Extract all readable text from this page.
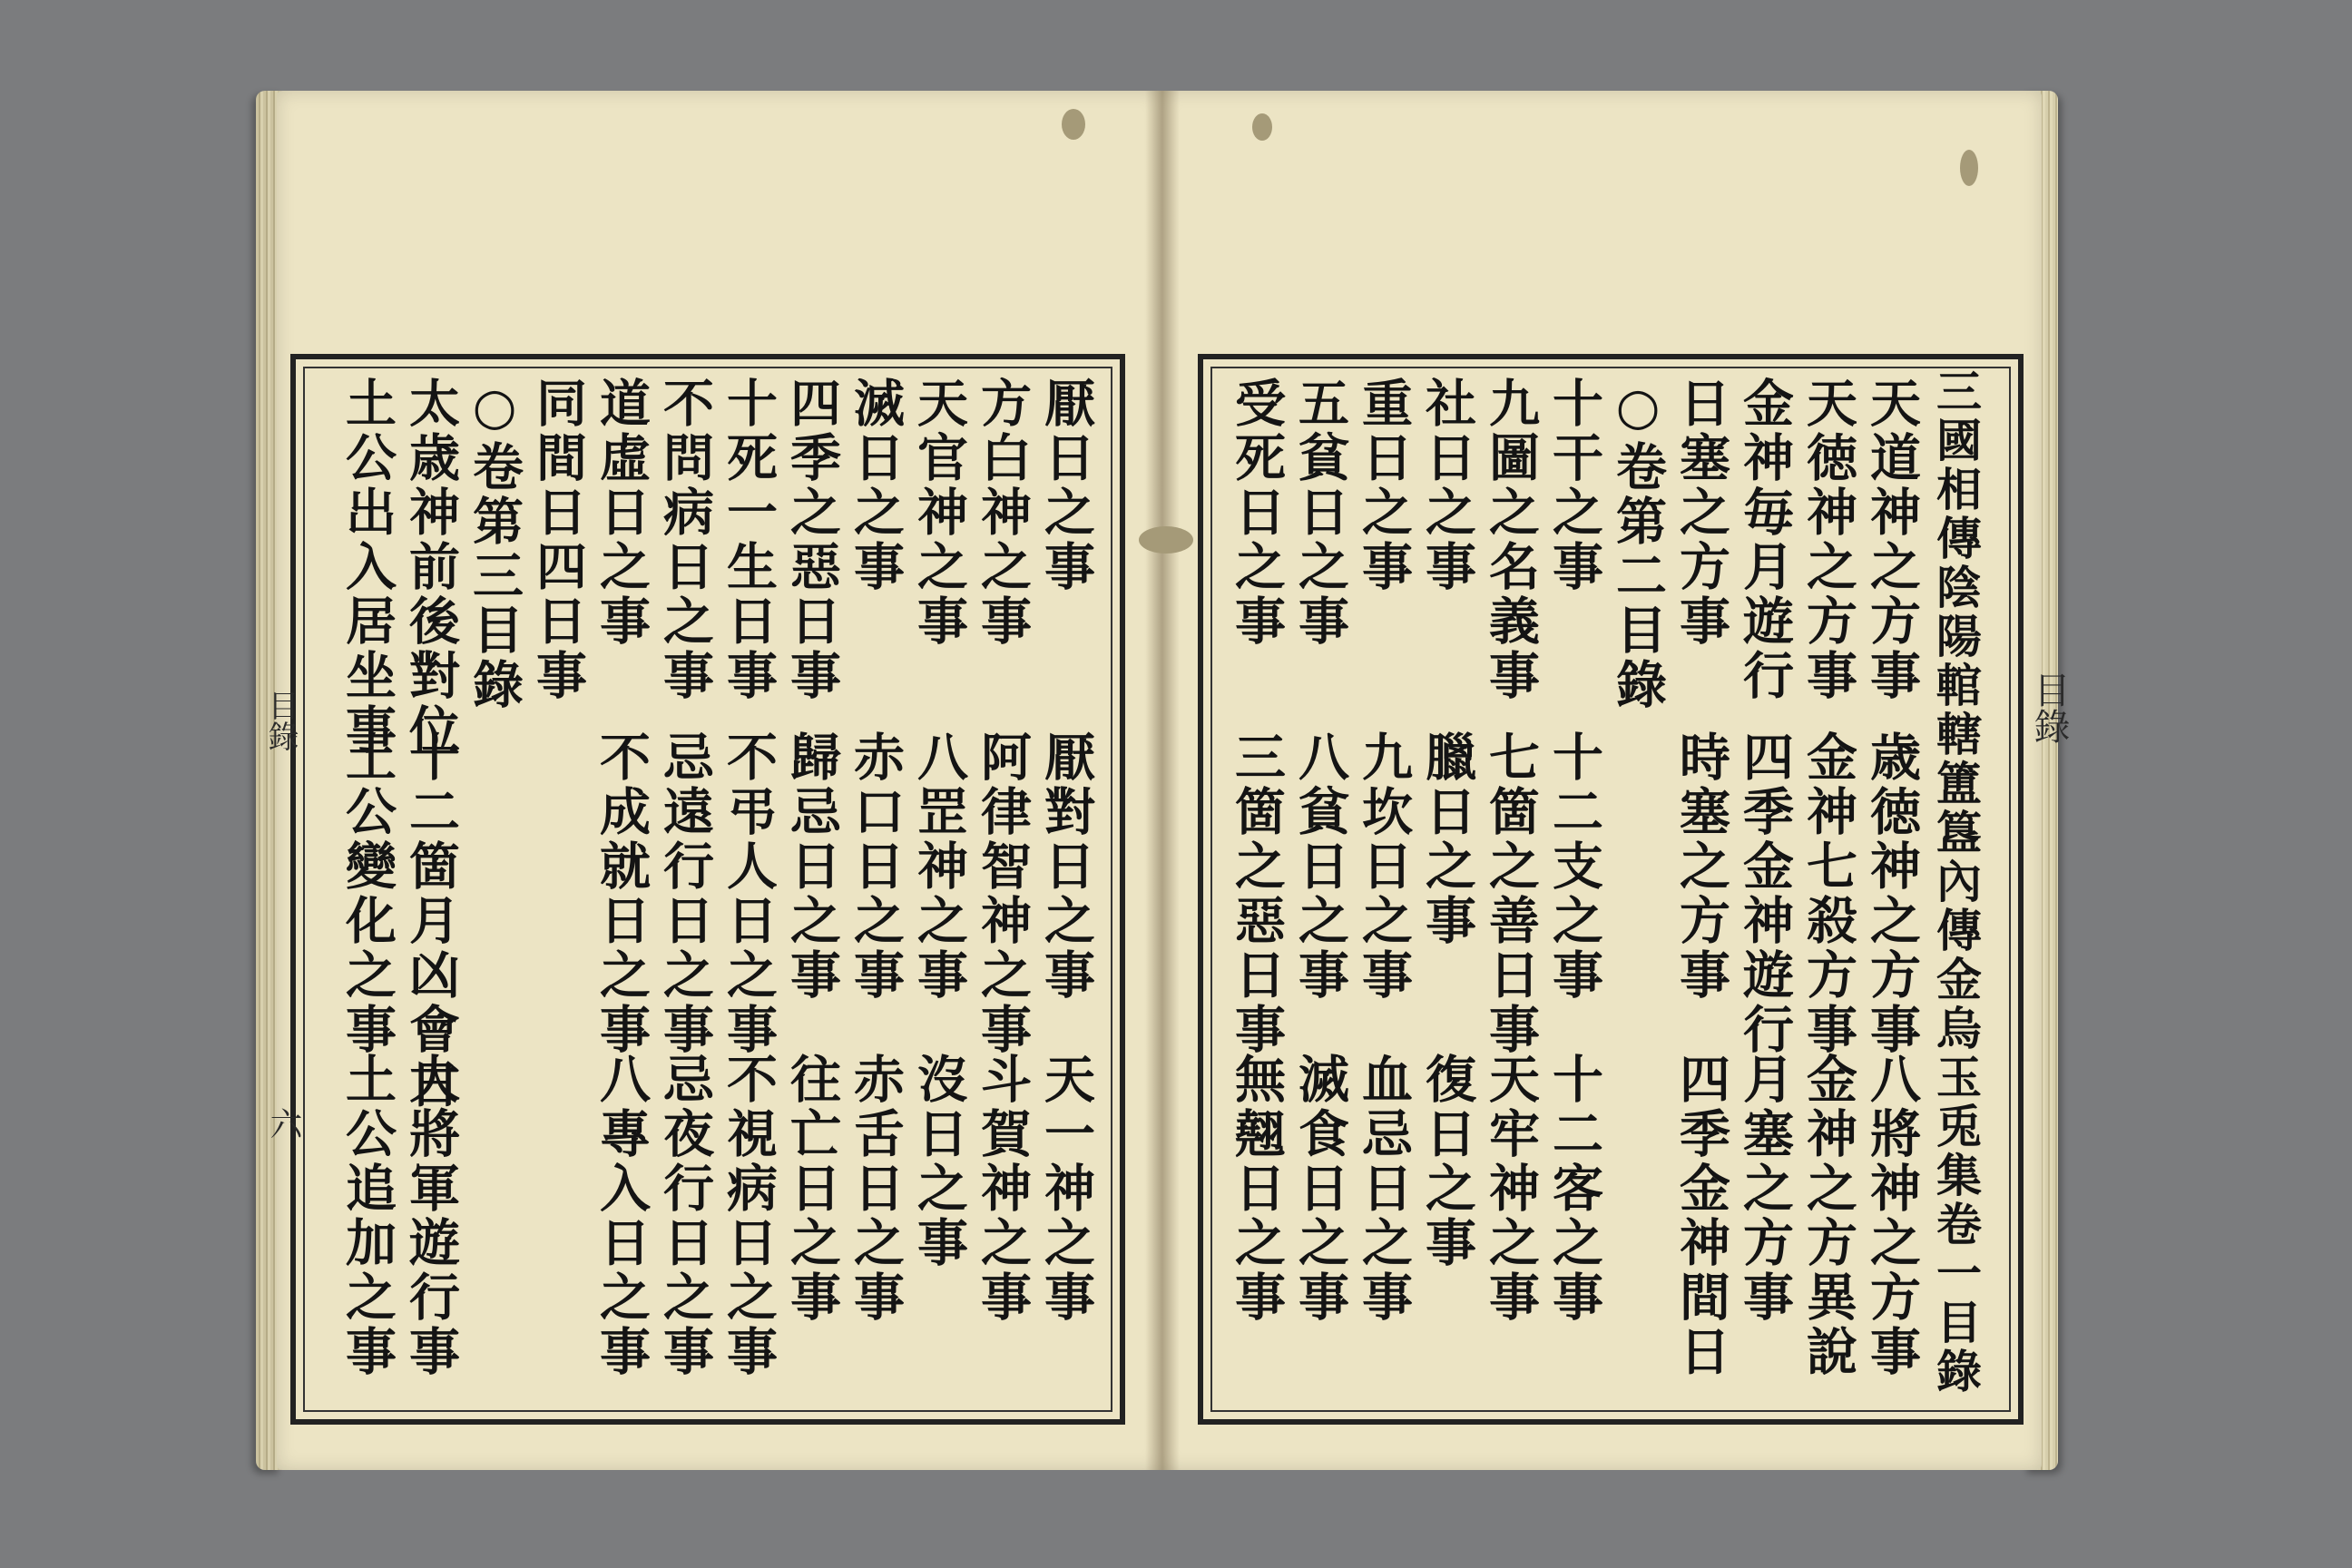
三國相傳陰陽輨轄簠簋內傳金烏玉兎集卷一目錄
天道神之方事
歳徳神之方事
八將神之方事
天徳神之方事
金神七殺方事
金神之方異說
金神毎月遊行
四季金神遊行
月塞之方事
日塞之方事
時塞之方事
四季金神間日
○卷第二目錄
十干之事
十二支之事
十二客之事
九圖之名義事
七箇之善日事
天牢神之事
社日之事
臘日之事
復日之事
重日之事
九坎日之事
血忌日之事
五貧日之事
八貧日之事
滅食日之事
受死日之事
三箇之惡日事
無翹日之事
厭日之事
厭對日之事
天一神之事
方白神之事
阿律智神之事
斗賀神之事
天官神之事
八罡神之事
沒日之事
滅日之事
赤口日之事
赤舌日之事
四季之惡日事
歸忌日之事
往亡日之事
十死一生日事
不弔人日之事
不視病日之事
不問病日之事
忌遠行日之事
忌夜行日之事
道虛日之事
不成就日之事
八專入日之事
同間日四日事
○卷第三目錄
太歳神前後對位
十二箇月凶會日
大將軍遊行事
土公出入居坐事
土公變化之事
土公追加之事
目錄
目錄
六
